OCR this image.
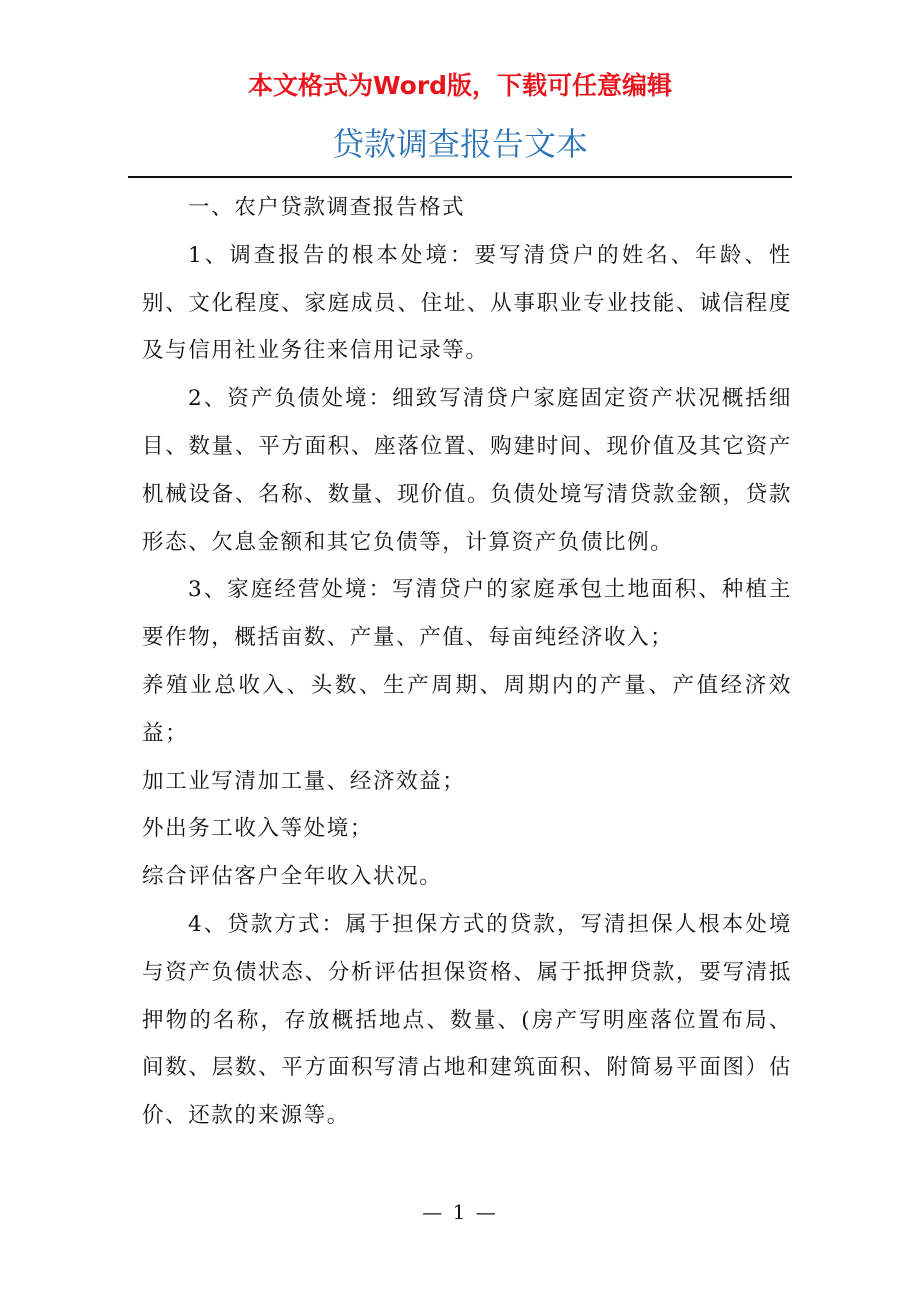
本文格式为Word版，下载可任意编辑
贷款调查报告文本

一、农户贷款调查报告格式

1、调查报告的根本处境：要写清贷户的姓名、年龄、性别、文化程度、家庭成员、住址、从事职业专业技能、诚信程度及与信用社业务往来信用记录等。

2、资产负债处境：细致写清贷户家庭固定资产状况概括细目、数量、平方面积、座落位置、购建时间、现价值及其它资产机械设备、名称、数量、现价值。负债处境写清贷款金额，贷款形态、欠息金额和其它负债等，计算资产负债比例。

3、家庭经营处境：写清贷户的家庭承包土地面积、种植主要作物，概括亩数、产量、产值、每亩纯经济收入；

养殖业总收入、头数、生产周期、周期内的产量、产值经济效益；

加工业写清加工量、经济效益；

外出务工收入等处境；

综合评估客户全年收入状况。

4、贷款方式：属于担保方式的贷款，写清担保人根本处境与资产负债状态、分析评估担保资格、属于抵押贷款，要写清抵押物的名称，存放概括地点、数量、(房产写明座落位置布局、间数、层数、平方面积写清占地和建筑面积、附简易平面图）估价、还款的来源等。

— 1 —
